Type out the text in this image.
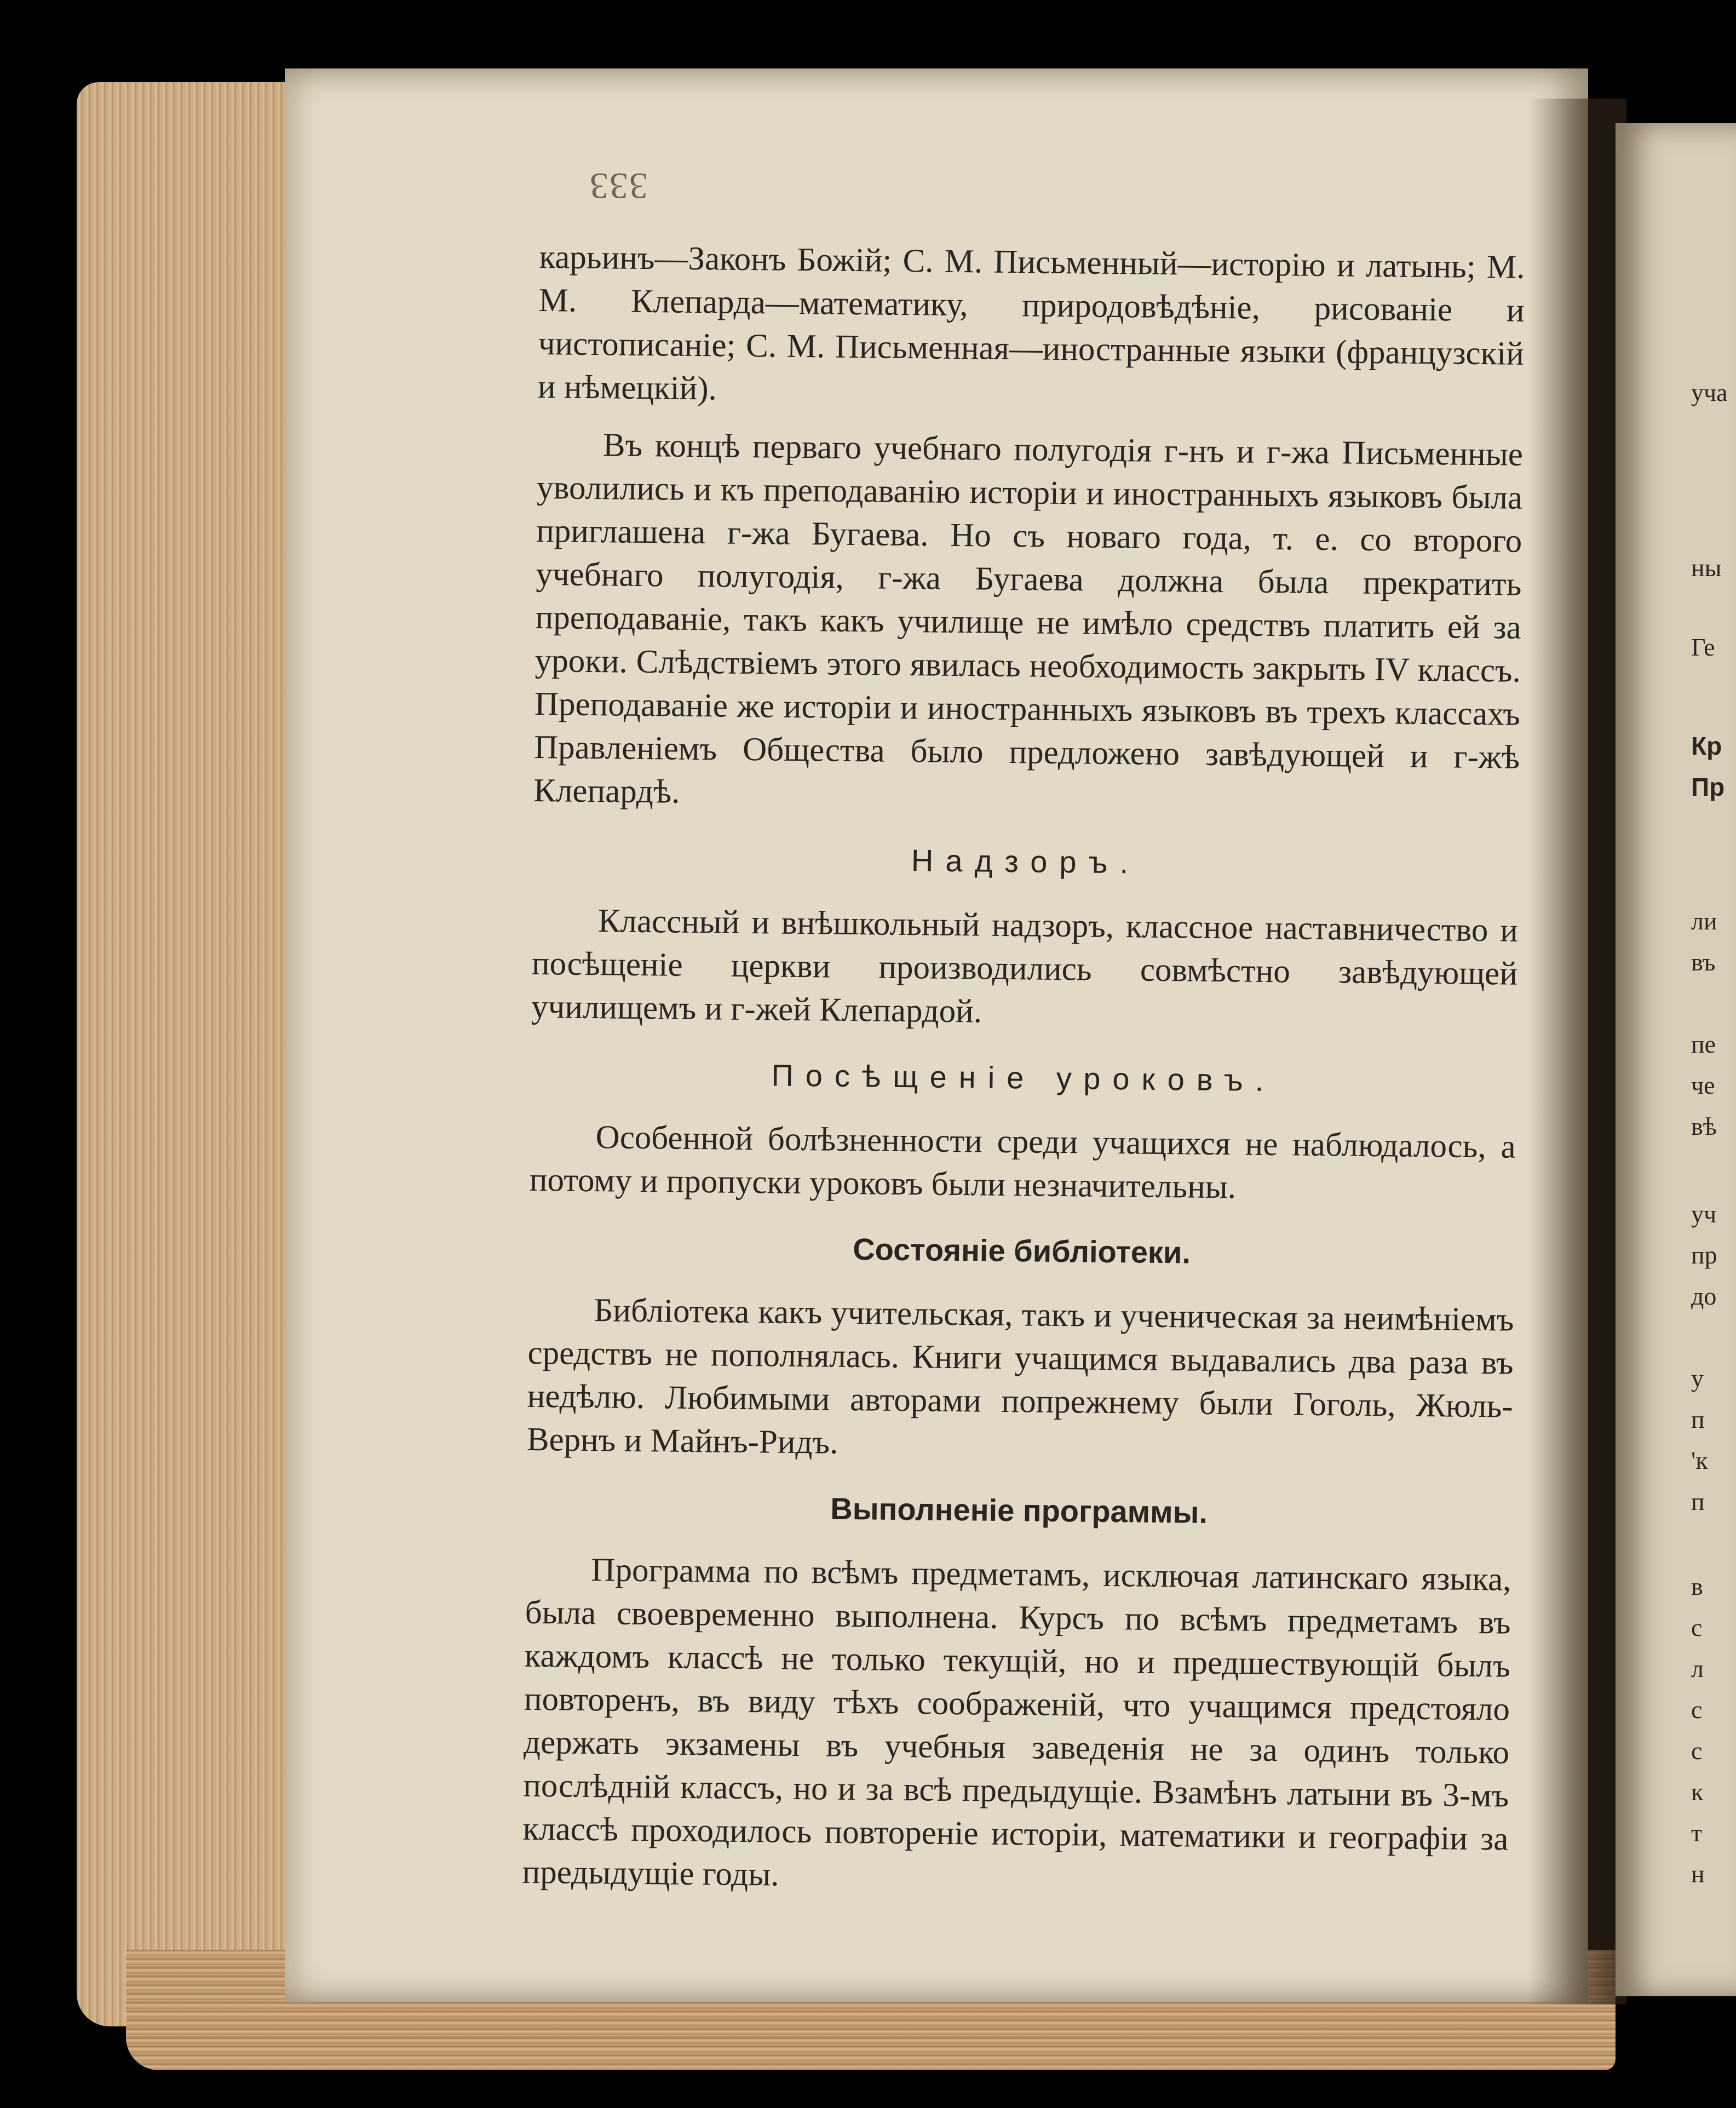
333

карьинъ—Законъ Божій; С. М. Письменный—исторію и латынь; М. М. Клепарда—математику, природовѣдѣніе, рисованіе и чистописаніе; С. М. Письменная—иностранные языки (французскій и нѣмецкій).

Въ концѣ перваго учебнаго полугодія г-нъ и г-жа Письменные уволились и къ преподаванію исторіи и иностранныхъ языковъ была приглашена г-жа Бугаева. Но съ новаго года, т. е. со второго учебнаго полугодія, г-жа Бугаева должна была прекратить преподаваніе, такъ какъ училище не имѣло средствъ платить ей за уроки. Слѣдствіемъ этого явилась необходимость закрыть IV классъ. Преподаваніе же исторіи и иностранныхъ языковъ въ трехъ классахъ Правленіемъ Общества было предложено завѣдующей и г-жѣ Клепардѣ.

Надзоръ.

Классный и внѣшкольный надзоръ, классное наставничество и посѣщеніе церкви производились совмѣстно завѣдующей училищемъ и г-жей Клепардой.

Посѣщеніе уроковъ.

Особенной болѣзненности среди учащихся не наблюдалось, а потому и пропуски уроковъ были незначительны.

Состояніе библіотеки.

Библіотека какъ учительская, такъ и ученическая за неимѣніемъ средствъ не пополнялась. Книги учащимся выдавались два раза въ недѣлю. Любимыми авторами попрежнему были Гоголь, Жюль-Вернъ и Майнъ-Ридъ.

Выполненіе программы.

Программа по всѣмъ предметамъ, исключая латинскаго языка, была своевременно выполнена. Курсъ по всѣмъ предметамъ въ каждомъ классѣ не только текущій, но и предшествующій былъ повторенъ, въ виду тѣхъ соображеній, что учащимся предстояло держать экзамены въ учебныя заведенія не за одинъ только послѣдній классъ, но и за всѣ предыдущіе. Взамѣнъ латыни въ 3-мъ классѣ проходилось повтореніе исторіи, математики и географіи за предыдущіе годы.

уча
ны
Ге
Кр
Пр
ли
въ
пе
че
вѣ
уч
пр
до
у
п
'к
п
в
с
л
с
с
к
т
н
